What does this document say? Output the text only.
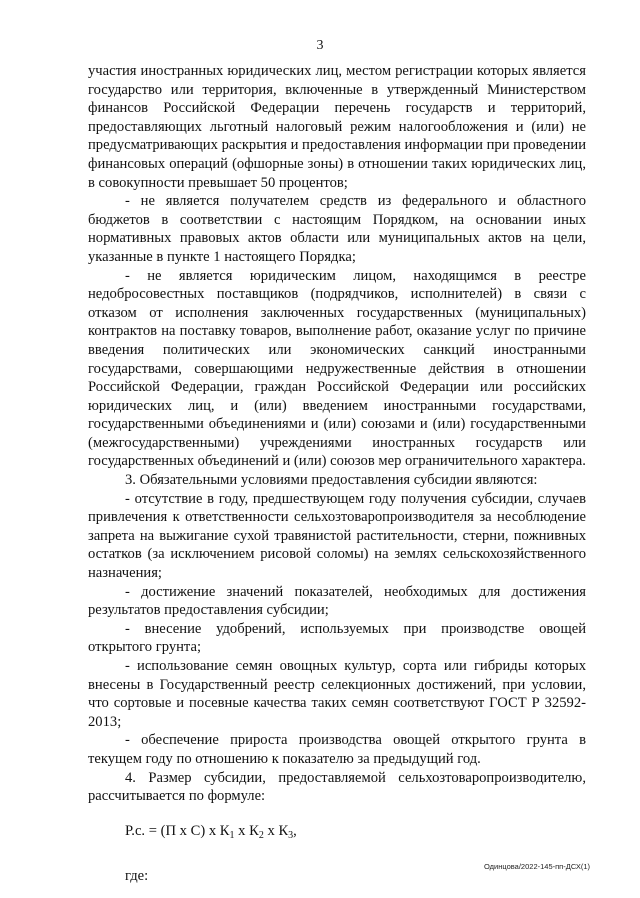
3

участия иностранных юридических лиц, местом регистрации которых является государство или территория, включенные в утвержденный Министерством финансов Российской Федерации перечень государств и территорий, предоставляющих льготный налоговый режим налогообложения и (или) не предусматривающих раскрытия и предоставления информации при проведении финансовых операций (офшорные зоны) в отношении таких юридических лиц, в совокупности превышает 50 процентов;

- не является получателем средств из федерального и областного бюджетов в соответствии с настоящим Порядком, на основании иных нормативных правовых актов области или муниципальных актов на цели, указанные в пункте 1 настоящего Порядка;

- не является юридическим лицом, находящимся в реестре недобросовестных поставщиков (подрядчиков, исполнителей) в связи с отказом от исполнения заключенных государственных (муниципальных) контрактов на поставку товаров, выполнение работ, оказание услуг по причине введения политических или экономических санкций иностранными государствами, совершающими недружественные действия в отношении Российской Федерации, граждан Российской Федерации или российских юридических лиц, и (или) введением иностранными государствами, государственными объединениями и (или) союзами и (или) государственными (межгосударственными) учреждениями иностранных государств или государственных объединений и (или) союзов мер ограничительного характера.

3. Обязательными условиями предоставления субсидии являются:

- отсутствие в году, предшествующем году получения субсидии, случаев привлечения к ответственности сельхозтоваропроизводителя за несоблюдение запрета на выжигание сухой травянистой растительности, стерни, пожнивных остатков (за исключением рисовой соломы) на землях сельскохозяйственного назначения;

- достижение значений показателей, необходимых для достижения результатов предоставления субсидии;

- внесение удобрений, используемых при производстве овощей открытого грунта;

- использование семян овощных культур, сорта или гибриды которых внесены в Государственный реестр селекционных достижений, при условии, что сортовые и посевные качества таких семян соответствуют ГОСТ Р 32592-2013;

- обеспечение прироста производства овощей открытого грунта в текущем году по отношению к показателю за предыдущий год.

4. Размер субсидии, предоставляемой сельхозтоваропроизводителю, рассчитывается по формуле:

Р.с. = (П х С) х $К_1$ х $К_2$ х $К_3$,

где:

Одинцова/2022-145-пп-ДСХ(1)
